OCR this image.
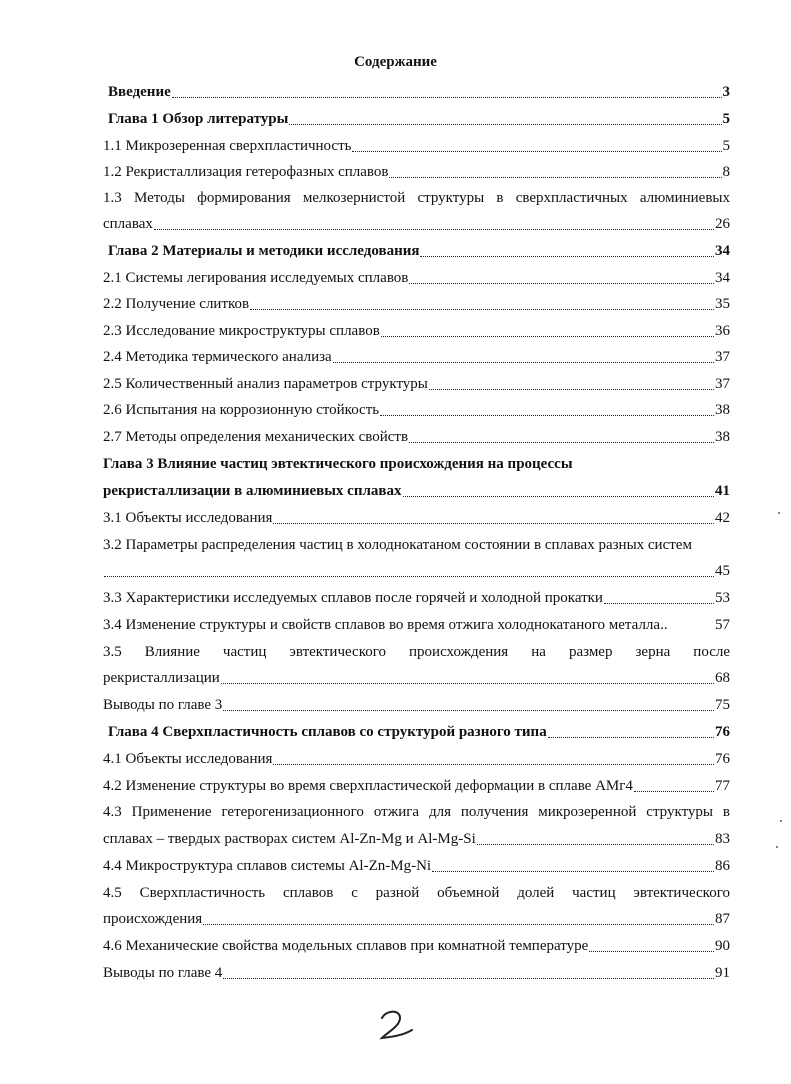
Содержание
Введение	3
Глава 1 Обзор литературы	5
1.1 Микрозеренная сверхпластичность	5
1.2 Рекристаллизация гетерофазных сплавов	8
1.3 Методы формирования мелкозернистой структуры в сверхпластичных алюминиевых
сплавах	26
Глава 2 Материалы и методики исследования	34
2.1 Системы легирования исследуемых сплавов	34
2.2 Получение слитков	35
2.3 Исследование микроструктуры сплавов	36
2.4 Методика термического анализа	37
2.5 Количественный анализ параметров структуры	37
2.6 Испытания на коррозионную стойкость	38
2.7 Методы определения механических свойств	38
Глава 3 Влияние частиц эвтектического происхождения на процессы
рекристаллизации в алюминиевых сплавах	41
3.1 Объекты исследования	42
3.2 Параметры распределения частиц в холоднокатаном состоянии в сплавах разных систем
45
3.3 Характеристики исследуемых сплавов после горячей и холодной прокатки	53
3.4 Изменение структуры и свойств сплавов во время отжига холоднокатаного металла..	57
3.5 Влияние частиц эвтектического происхождения на размер зерна после
рекристаллизации	68
Выводы по главе 3	75
Глава 4 Сверхпластичность сплавов со структурой разного типа	76
4.1 Объекты исследования	76
4.2 Изменение структуры во время сверхпластической деформации в сплаве АМг4	77
4.3 Применение гетерогенизационного отжига для получения микрозеренной структуры в
сплавах – твердых растворах систем Al-Zn-Mg и Al-Mg-Si	83
4.4 Микроструктура сплавов системы Al-Zn-Mg-Ni	86
4.5 Сверхпластичность сплавов с разной объемной долей частиц эвтектического
происхождения	87
4.6 Механические свойства модельных сплавов при комнатной температуре	90
Выводы по главе 4	91
